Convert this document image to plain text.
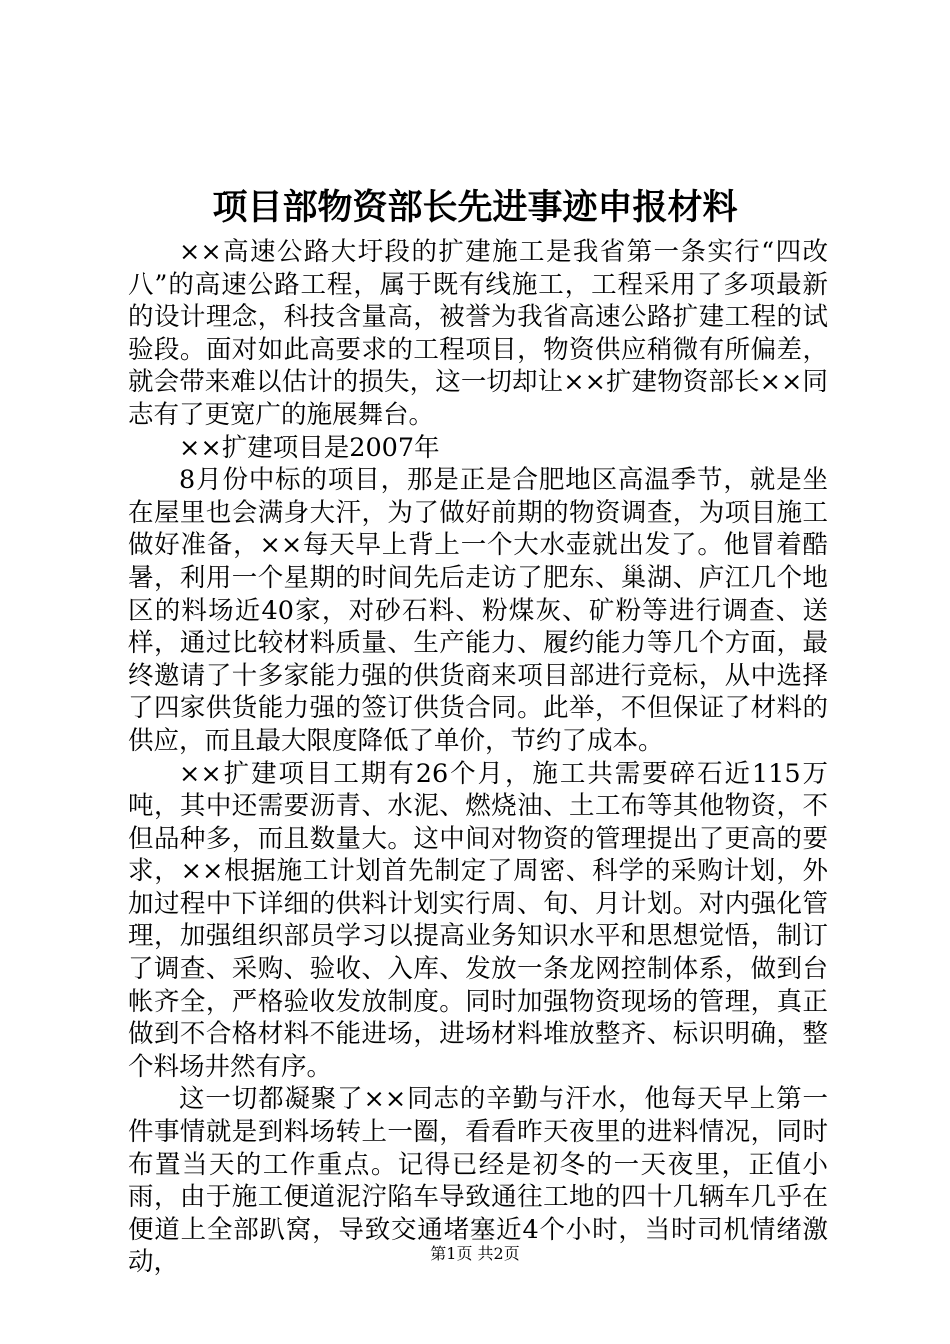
项目部物资部长先进事迹申报材料

××高速公路大圩段的扩建施工是我省第一条实行“四改八”的高速公路工程，属于既有线施工，工程采用了多项最新的设计理念，科技含量高，被誉为我省高速公路扩建工程的试验段。面对如此高要求的工程项目，物资供应稍微有所偏差，就会带来难以估计的损失，这一切却让××扩建物资部长××同志有了更宽广的施展舞台。

××扩建项目是2007年

8月份中标的项目，那是正是合肥地区高温季节，就是坐在屋里也会满身大汗，为了做好前期的物资调查，为项目施工做好准备，××每天早上背上一个大水壶就出发了。他冒着酷暑，利用一个星期的时间先后走访了肥东、巢湖、庐江几个地区的料场近40家，对砂石料、粉煤灰、矿粉等进行调查、送样，通过比较材料质量、生产能力、履约能力等几个方面，最终邀请了十多家能力强的供货商来项目部进行竞标，从中选择了四家供货能力强的签订供货合同。此举，不但保证了材料的供应，而且最大限度降低了单价，节约了成本。

××扩建项目工期有26个月，施工共需要碎石近115万吨，其中还需要沥青、水泥、燃烧油、土工布等其他物资，不但品种多，而且数量大。这中间对物资的管理提出了更高的要求，××根据施工计划首先制定了周密、科学的采购计划，外加过程中下详细的供料计划实行周、旬、月计划。对内强化管理，加强组织部员学习以提高业务知识水平和思想觉悟，制订了调查、采购、验收、入库、发放一条龙网控制体系，做到台帐齐全，严格验收发放制度。同时加强物资现场的管理，真正做到不合格材料不能进场，进场材料堆放整齐、标识明确，整个料场井然有序。

这一切都凝聚了××同志的辛勤与汗水，他每天早上第一件事情就是到料场转上一圈，看看昨天夜里的进料情况，同时布置当天的工作重点。记得已经是初冬的一天夜里，正值小雨，由于施工便道泥泞陷车导致通往工地的四十几辆车几乎在便道上全部趴窝，导致交通堵塞近4个小时，当时司机情绪激动，	第1页 共2页
